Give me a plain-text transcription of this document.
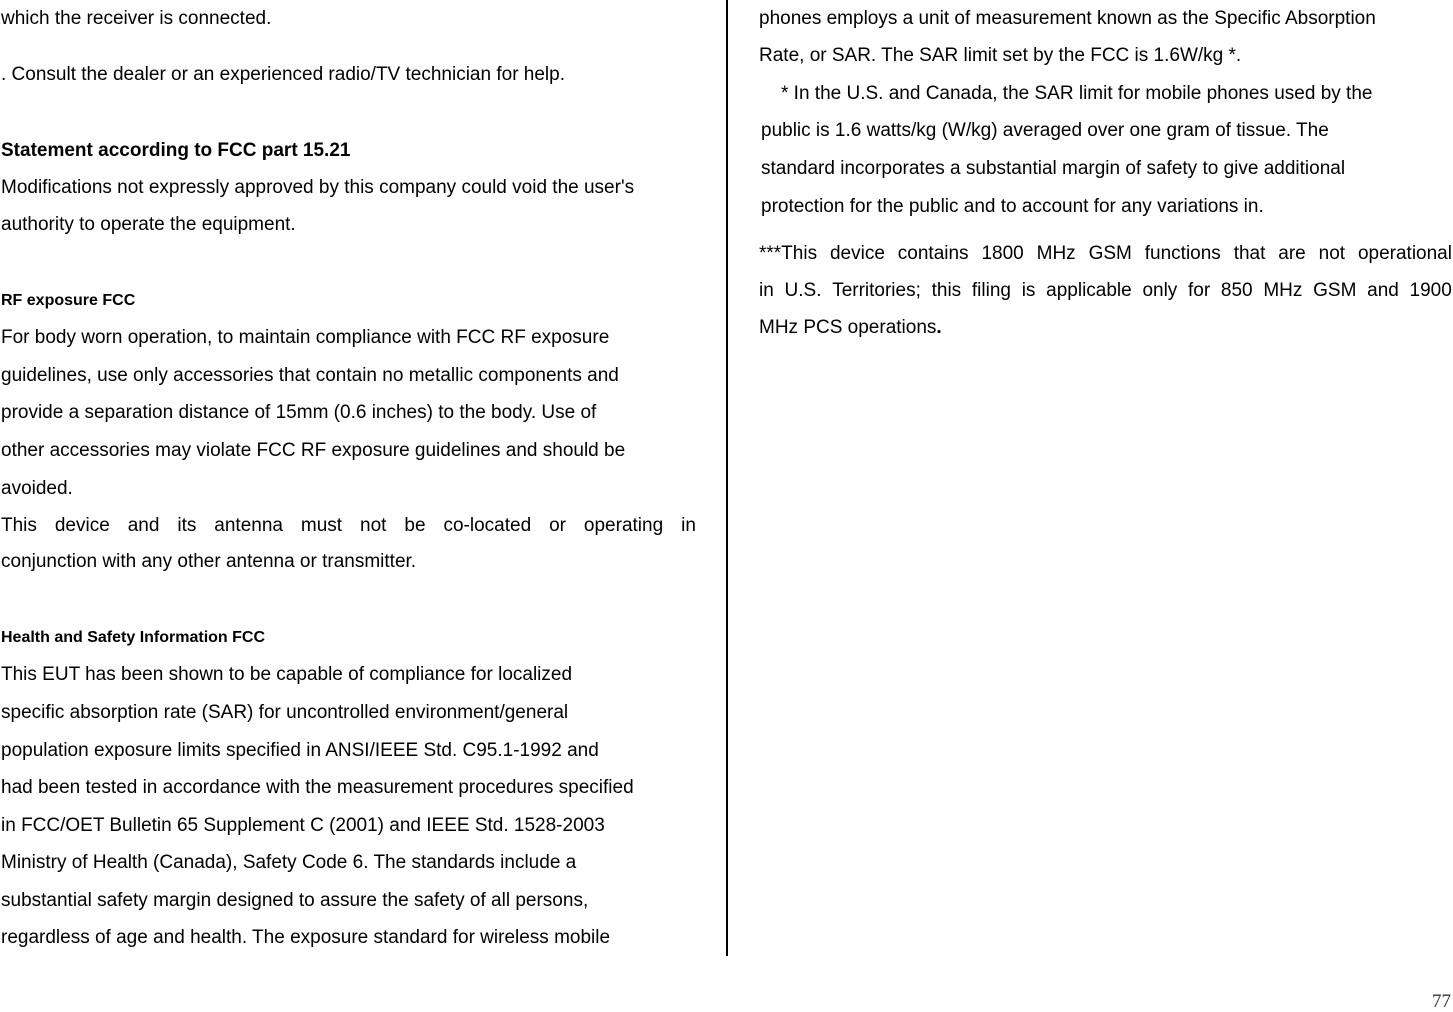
which the receiver is connected.
. Consult the dealer or an experienced radio/TV technician for help.
Statement according to FCC part 15.21
Modifications not expressly approved by this company could void the user's
authority to operate the equipment.
RF exposure FCC
For body worn operation, to maintain compliance with FCC RF exposure
guidelines, use only accessories that contain no metallic components and
provide a separation distance of 15mm (0.6 inches) to the body. Use of
other accessories may violate FCC RF exposure guidelines and should be
avoided.
This device and its antenna must not be co-located or operating in
conjunction with any other antenna or transmitter.
Health and Safety Information FCC
This EUT has been shown to be capable of compliance for localized
specific absorption rate (SAR) for uncontrolled environment/general
population exposure limits specified in ANSI/IEEE Std. C95.1-1992 and
had been tested in accordance with the measurement procedures specified
in FCC/OET Bulletin 65 Supplement C (2001) and IEEE Std. 1528-2003
Ministry of Health (Canada), Safety Code 6. The standards include a
substantial safety margin designed to assure the safety of all persons,
regardless of age and health. The exposure standard for wireless mobile
phones employs a unit of measurement known as the Specific Absorption
Rate, or SAR. The SAR limit set by the FCC is 1.6W/kg *.
* In the U.S. and Canada, the SAR limit for mobile phones used by the
public is 1.6 watts/kg (W/kg) averaged over one gram of tissue. The
standard incorporates a substantial margin of safety to give additional
protection for the public and to account for any variations in.
***This device contains 1800 MHz GSM functions that are not operational
in U.S. Territories; this filing is applicable only for 850 MHz GSM and 1900
MHz PCS operations.
77
